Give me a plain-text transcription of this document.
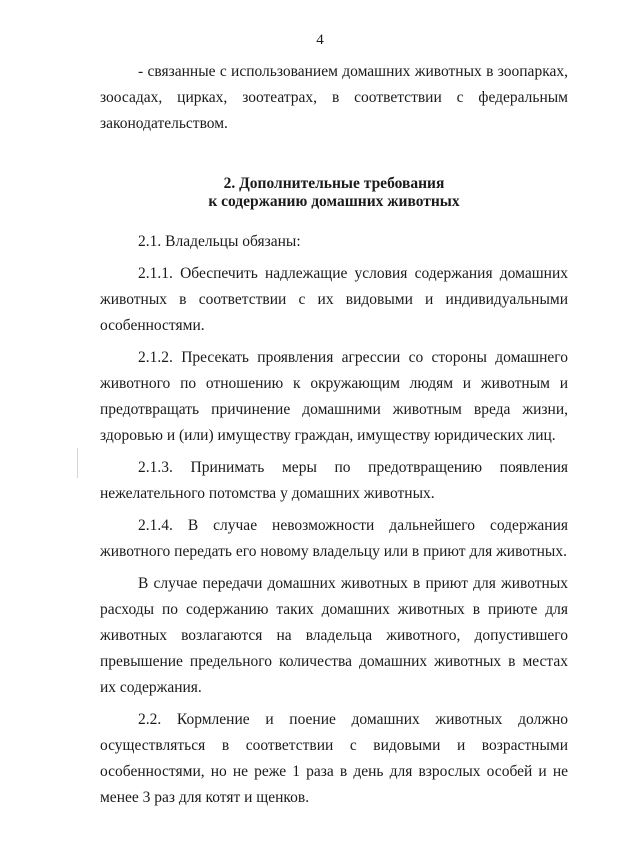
4

- связанные с использованием домашних животных в зоопарках, зоосадах, цирках, зоотеатрах, в соответствии с федеральным законодательством.

2. Дополнительные требования
к содержанию домашних животных

2.1. Владельцы обязаны:

2.1.1. Обеспечить надлежащие условия содержания домашних животных в соответствии с их видовыми и индивидуальными особенностями.

2.1.2. Пресекать проявления агрессии со стороны домашнего животного по отношению к окружающим людям и животным и предотвращать причинение домашними животным вреда жизни, здоровью и (или) имуществу граждан, имуществу юридических лиц.

2.1.3. Принимать меры по предотвращению появления нежелательного потомства у домашних животных.

2.1.4. В случае невозможности дальнейшего содержания животного передать его новому владельцу или в приют для животных.

В случае передачи домашних животных в приют для животных расходы по содержанию таких домашних животных в приюте для животных возлагаются на владельца животного, допустившего превышение предельного количества домашних животных в местах их содержания.

2.2. Кормление и поение домашних животных должно осуществляться в соответствии с видовыми и возрастными особенностями, но не реже 1 раза в день для взрослых особей и не менее 3 раз для котят и щенков.
